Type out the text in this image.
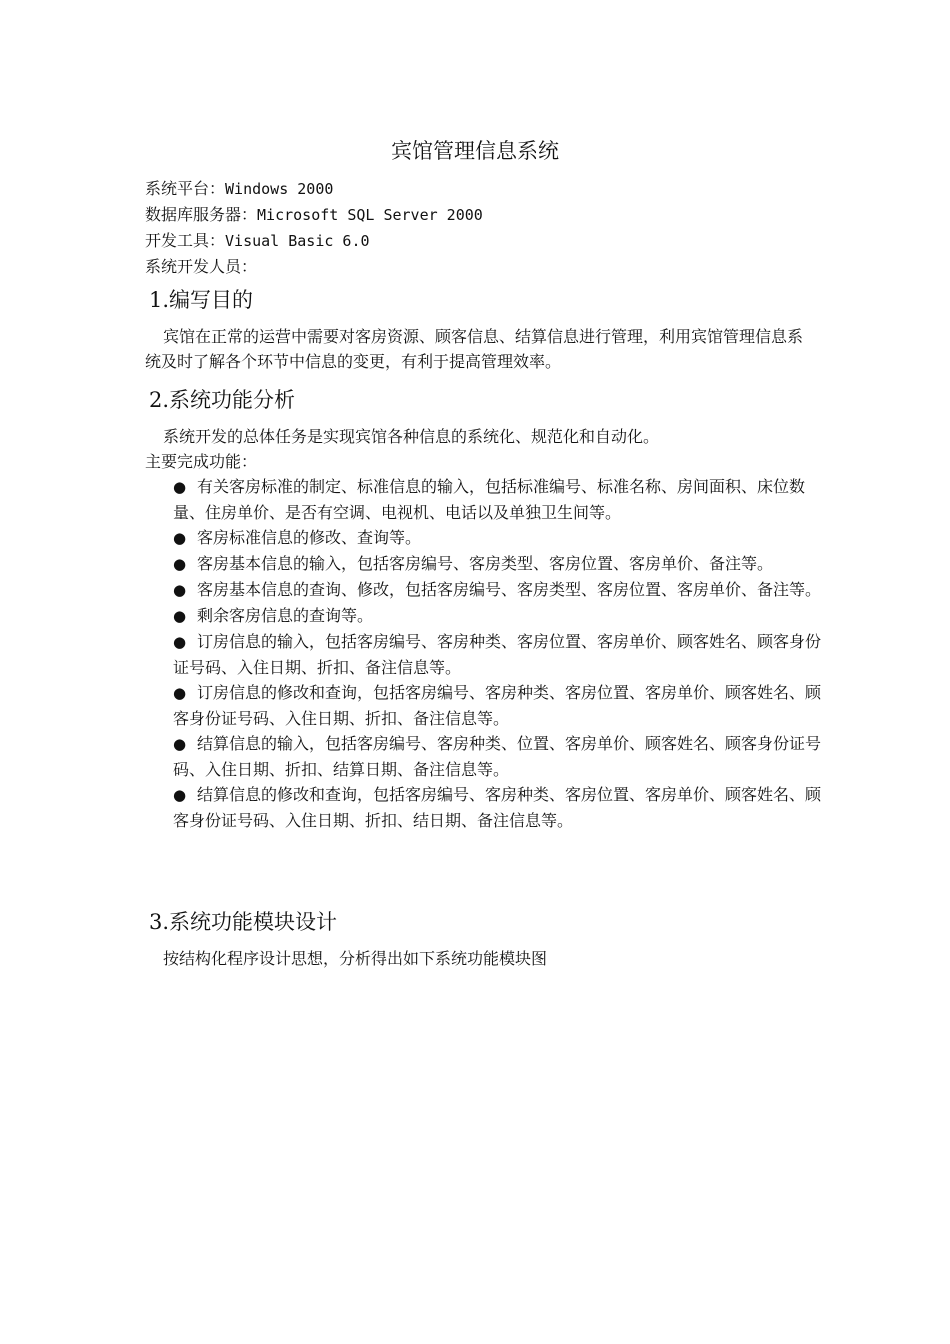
宾馆管理信息系统
系统平台：Windows 2000
数据库服务器：Microsoft SQL Server 2000
开发工具：Visual Basic 6.0
系统开发人员：
1.编写目的
宾馆在正常的运营中需要对客房资源、顾客信息、结算信息进行管理，利用宾馆管理信息系统及时了解各个环节中信息的变更，有利于提高管理效率。
2.系统功能分析
系统开发的总体任务是实现宾馆各种信息的系统化、规范化和自动化。
主要完成功能：
● 有关客房标准的制定、标准信息的输入，包括标准编号、标准名称、房间面积、床位数量、住房单价、是否有空调、电视机、电话以及单独卫生间等。
● 客房标准信息的修改、查询等。
● 客房基本信息的输入，包括客房编号、客房类型、客房位置、客房单价、备注等。
● 客房基本信息的查询、修改，包括客房编号、客房类型、客房位置、客房单价、备注等。
● 剩余客房信息的查询等。
● 订房信息的输入，包括客房编号、客房种类、客房位置、客房单价、顾客姓名、顾客身份证号码、入住日期、折扣、备注信息等。
● 订房信息的修改和查询，包括客房编号、客房种类、客房位置、客房单价、顾客姓名、顾客身份证号码、入住日期、折扣、备注信息等。
● 结算信息的输入，包括客房编号、客房种类、位置、客房单价、顾客姓名、顾客身份证号码、入住日期、折扣、结算日期、备注信息等。
● 结算信息的修改和查询，包括客房编号、客房种类、客房位置、客房单价、顾客姓名、顾客身份证号码、入住日期、折扣、结日期、备注信息等。
3.系统功能模块设计
按结构化程序设计思想，分析得出如下系统功能模块图
